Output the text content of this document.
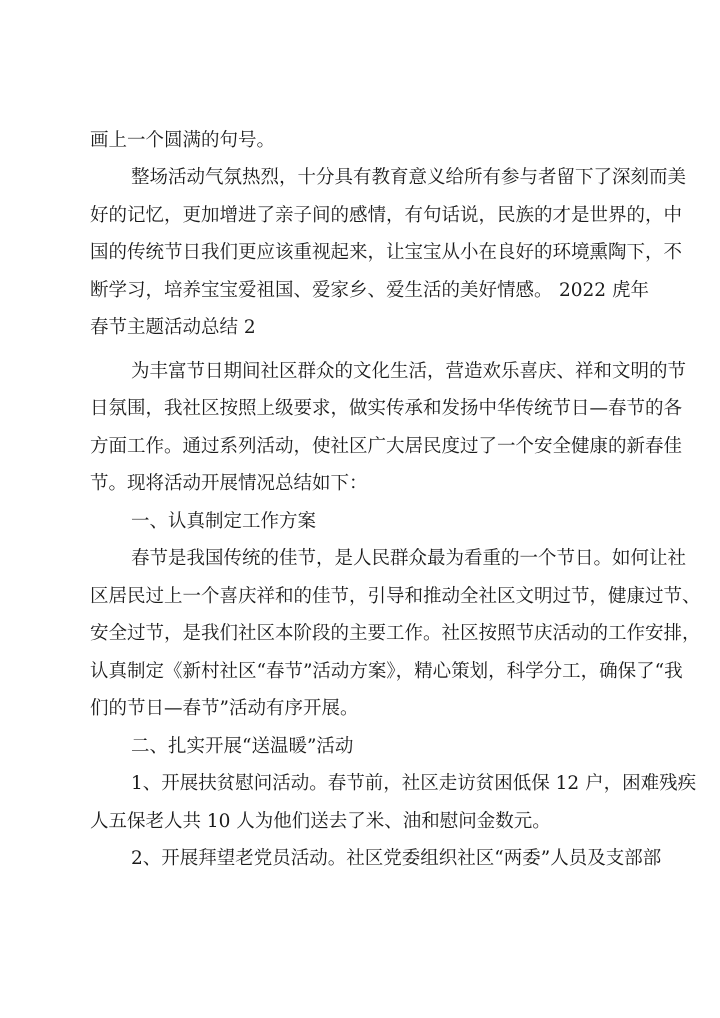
画上一个圆满的句号。
整场活动气氛热烈，十分具有教育意义给所有参与者留下了深刻而美
好的记忆，更加增进了亲子间的感情，有句话说，民族的才是世界的，中
国的传统节日我们更应该重视起来，让宝宝从小在良好的环境熏陶下，不
断学习，培养宝宝爱祖国、爱家乡、爱生活的美好情感。 2022 虎年
春节主题活动总结 2
为丰富节日期间社区群众的文化生活，营造欢乐喜庆、祥和文明的节
日氛围，我社区按照上级要求，做实传承和发扬中华传统节日—春节的各
方面工作。通过系列活动，使社区广大居民度过了一个安全健康的新春佳
节。现将活动开展情况总结如下：
一、认真制定工作方案
春节是我国传统的佳节，是人民群众最为看重的一个节日。如何让社
区居民过上一个喜庆祥和的佳节，引导和推动全社区文明过节，健康过节、
安全过节，是我们社区本阶段的主要工作。社区按照节庆活动的工作安排，
认真制定《新村社区“春节”活动方案》，精心策划，科学分工，确保了“我
们的节日—春节”活动有序开展。
二、扎实开展“送温暖”活动
1、开展扶贫慰问活动。春节前，社区走访贫困低保 12 户，困难残疾
人五保老人共 10 人为他们送去了米、油和慰问金数元。
2、开展拜望老党员活动。社区党委组织社区“两委”人员及支部部
